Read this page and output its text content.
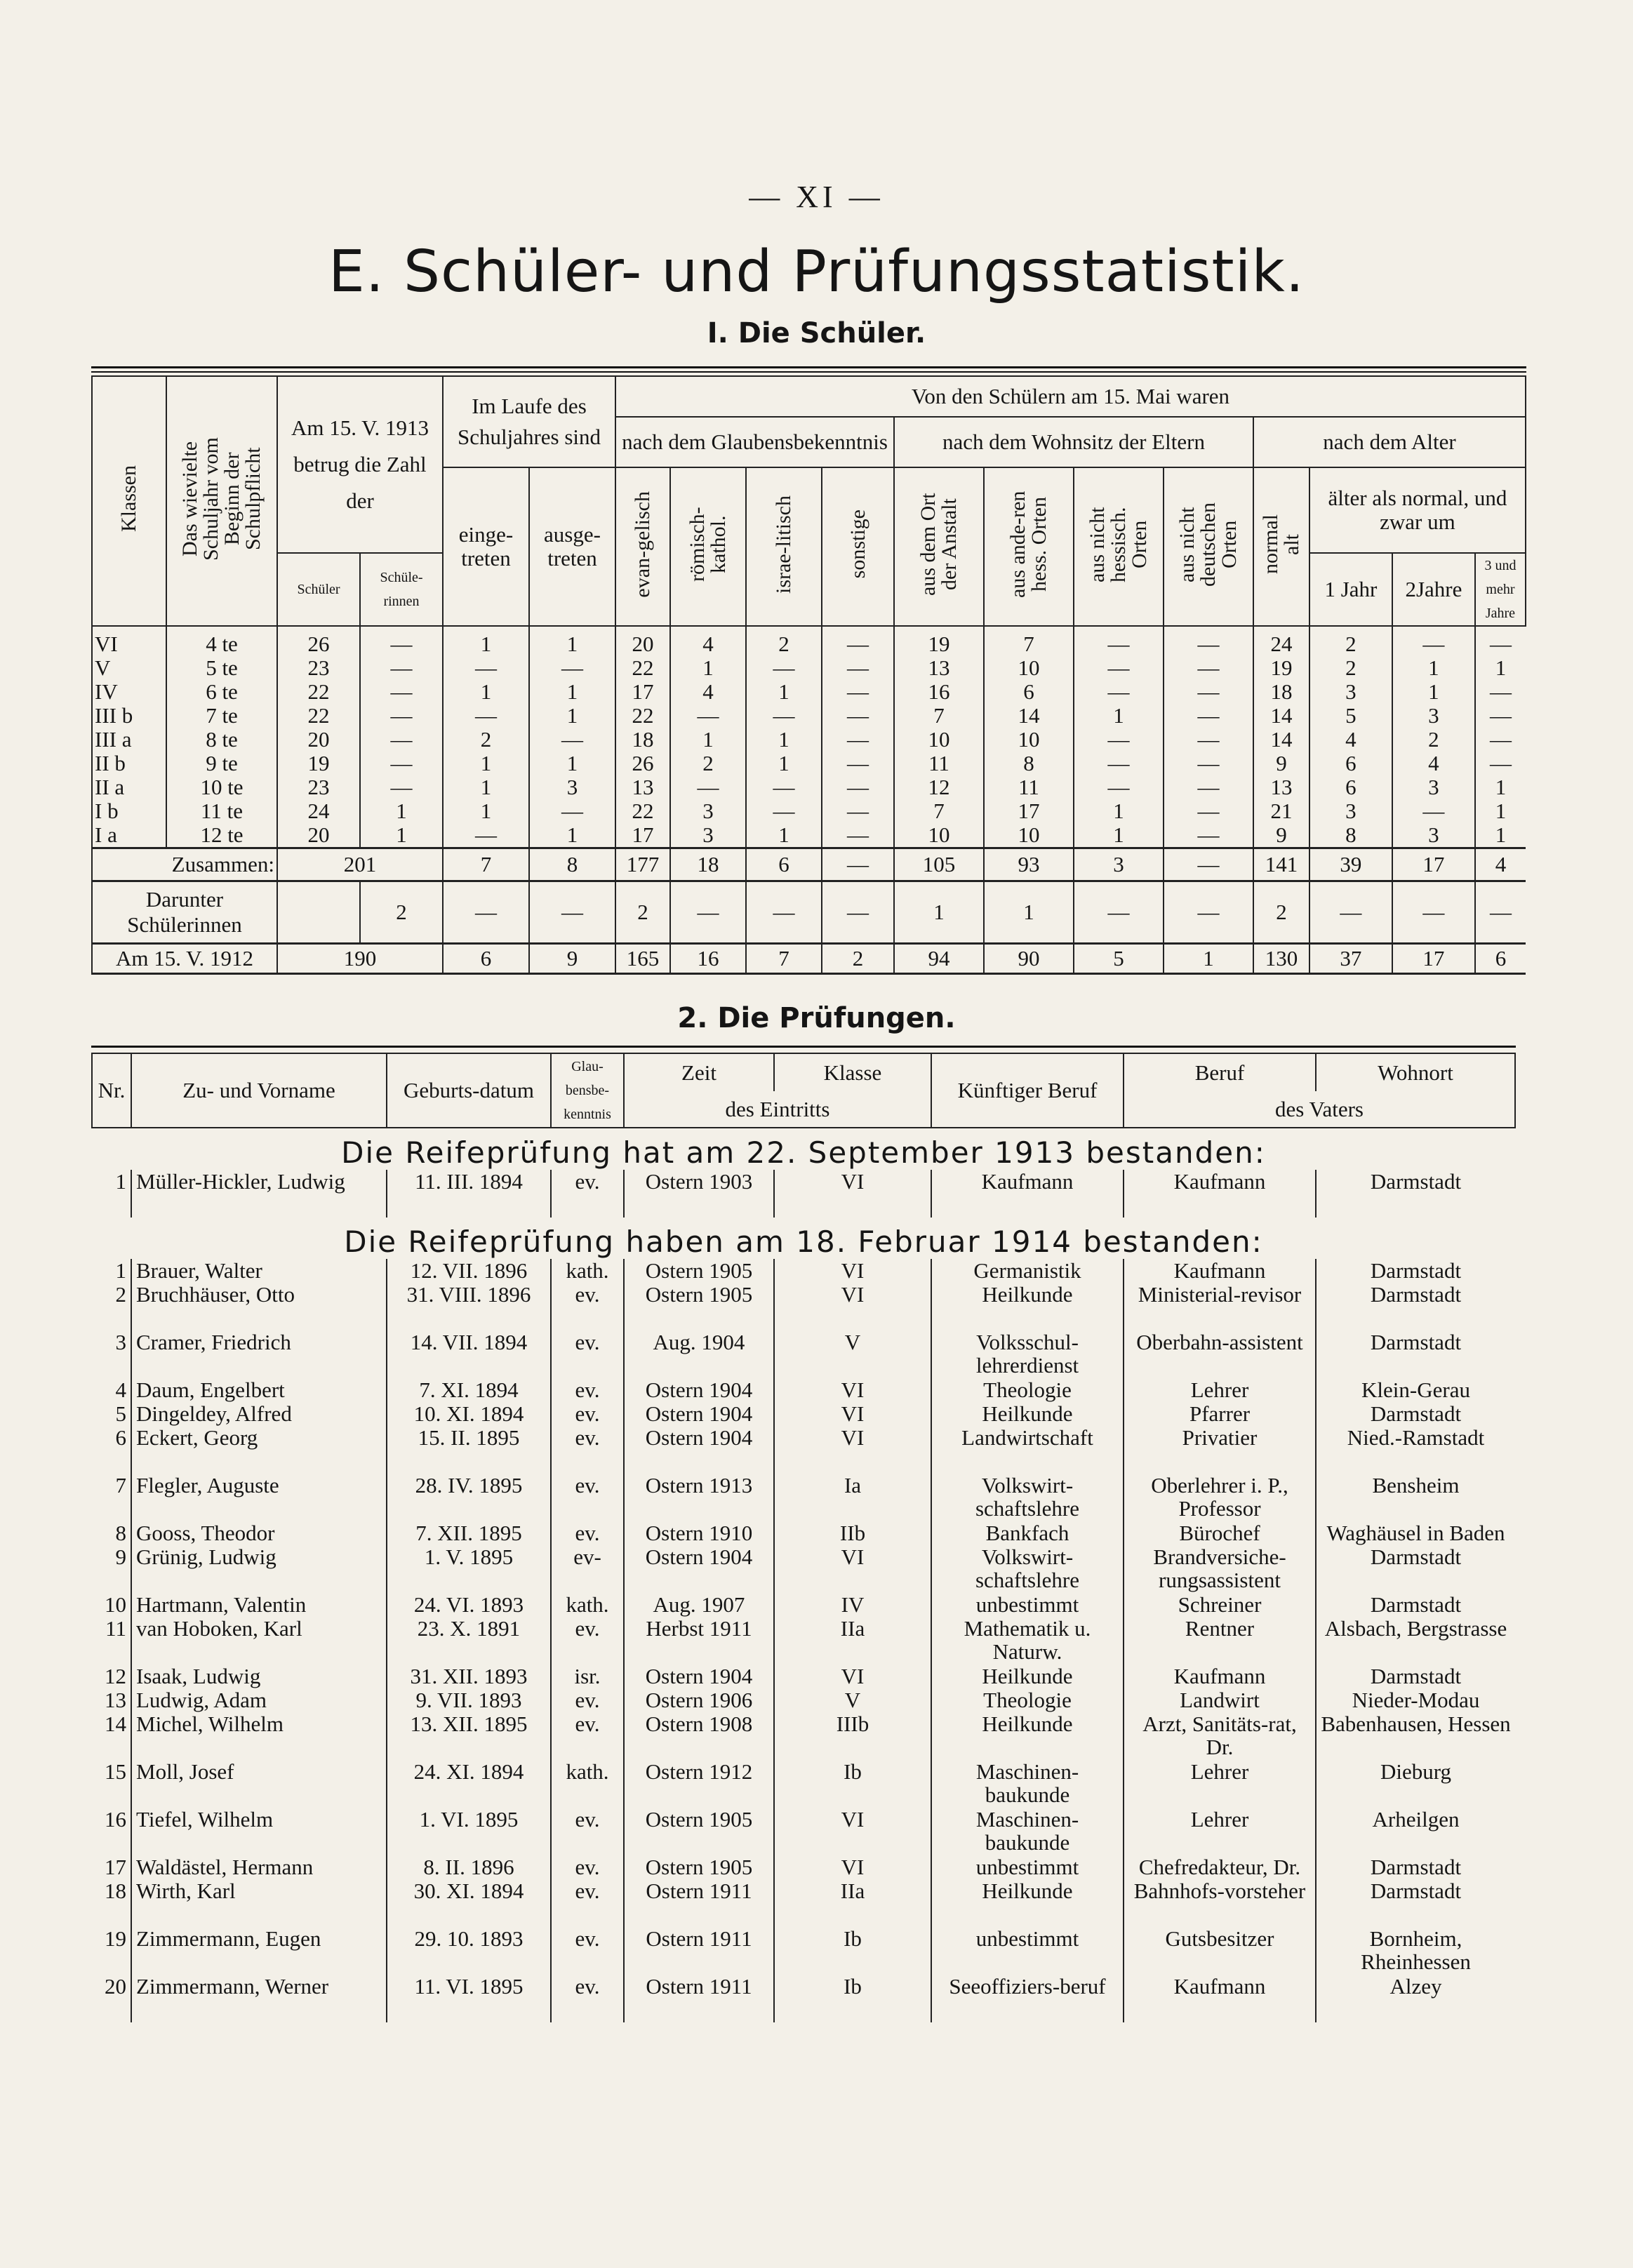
— XI —
E. Schüler- und Prüfungsstatistik.
I. Die Schüler.
Klassen	Das wievielte Schuljahr vom Beginn der Schulpflicht	Am 15. V. 1913 betrug die Zahl der		Im Laufe des Schuljahres sind		Von den Schülern am 15. Mai waren											
						nach dem Glaubensbekenntnis				nach dem Wohnsitz der Eltern				nach dem Alter			
				einge-treten	ausge-treten	evan-gelisch	römisch-kathol.	israe-litisch	sonstige	aus dem Ort der Anstalt	aus ande-ren hess. Orten	aus nicht hessisch. Orten	aus nicht deutschen Orten	normal alt	älter als normal, und zwar um		
		Schüler	Schüle-rinnen												1 Jahr	2Jahre	3 und mehr Jahre
VI	4 te	26	—	1	1	20	4	2	—	19	7	—	—	24	2	—	—
V	5 te	23	—	—	—	22	1	—	—	13	10	—	—	19	2	1	1
IV	6 te	22	—	1	1	17	4	1	—	16	6	—	—	18	3	1	—
III b	7 te	22	—	—	1	22	—	—	—	7	14	1	—	14	5	3	—
III a	8 te	20	—	2	—	18	1	1	—	10	10	—	—	14	4	2	—
II b	9 te	19	—	1	1	26	2	1	—	11	8	—	—	9	6	4	—
II a	10 te	23	—	1	3	13	—	—	—	12	11	—	—	13	6	3	1
I b	11 te	24	1	1	—	22	3	—	—	7	17	1	—	21	3	—	1
I a	12 te	20	1	—	1	17	3	1	—	10	10	1	—	9	8	3	1
Zusammen:		201		7	8	177	18	6	—	105	93	3	—	141	39	17	4
Darunter Schülerinnen			2	—	—	2	—	—	—	1	1	—	—	2	—	—	—
Am 15. V. 1912		190		6	9	165	16	7	2	94	90	5	1	130	37	17	6
2. Die Prüfungen.
Nr.	Zu- und Vorname	Geburts-datum	Glau-bensbe-kenntnis	Zeit	Klasse	Künftiger Beruf	Beruf	Wohnort
				des Eintritts			des Vaters	
Die Reifeprüfung hat am 22. September 1913 bestanden:								
1	Müller-Hickler, Ludwig	11. III. 1894	ev.	Ostern 1903	VI	Kaufmann	Kaufmann	Darmstadt
Die Reifeprüfung haben am 18. Februar 1914 bestanden:								
1	Brauer, Walter	12. VII. 1896	kath.	Ostern 1905	VI	Germanistik	Kaufmann	Darmstadt
2	Bruchhäuser, Otto	31. VIII. 1896	ev.	Ostern 1905	VI	Heilkunde	Ministerial-revisor	Darmstadt
3	Cramer, Friedrich	14. VII. 1894	ev.	Aug. 1904	V	Volksschul-lehrerdienst	Oberbahn-assistent	Darmstadt
4	Daum, Engelbert	7. XI. 1894	ev.	Ostern 1904	VI	Theologie	Lehrer	Klein-Gerau
5	Dingeldey, Alfred	10. XI. 1894	ev.	Ostern 1904	VI	Heilkunde	Pfarrer	Darmstadt
6	Eckert, Georg	15. II. 1895	ev.	Ostern 1904	VI	Landwirtschaft	Privatier	Nied.-Ramstadt
7	Flegler, Auguste	28. IV. 1895	ev.	Ostern 1913	Ia	Volkswirt-schaftslehre	Oberlehrer i. P., Professor	Bensheim
8	Gooss, Theodor	7. XII. 1895	ev.	Ostern 1910	IIb	Bankfach	Bürochef	Waghäusel in Baden
9	Grünig, Ludwig	1. V. 1895	ev-	Ostern 1904	VI	Volkswirt-schaftslehre	Brandversiche-rungsassistent	Darmstadt
10	Hartmann, Valentin	24. VI. 1893	kath.	Aug. 1907	IV	unbestimmt	Schreiner	Darmstadt
11	van Hoboken, Karl	23. X. 1891	ev.	Herbst 1911	IIa	Mathematik u. Naturw.	Rentner	Alsbach, Bergstrasse
12	Isaak, Ludwig	31. XII. 1893	isr.	Ostern 1904	VI	Heilkunde	Kaufmann	Darmstadt
13	Ludwig, Adam	9. VII. 1893	ev.	Ostern 1906	V	Theologie	Landwirt	Nieder-Modau
14	Michel, Wilhelm	13. XII. 1895	ev.	Ostern 1908	IIIb	Heilkunde	Arzt, Sanitäts-rat, Dr.	Babenhausen, Hessen
15	Moll, Josef	24. XI. 1894	kath.	Ostern 1912	Ib	Maschinen-baukunde	Lehrer	Dieburg
16	Tiefel, Wilhelm	1. VI. 1895	ev.	Ostern 1905	VI	Maschinen-baukunde	Lehrer	Arheilgen
17	Waldästel, Hermann	8. II. 1896	ev.	Ostern 1905	VI	unbestimmt	Chefredakteur, Dr.	Darmstadt
18	Wirth, Karl	30. XI. 1894	ev.	Ostern 1911	IIa	Heilkunde	Bahnhofs-vorsteher	Darmstadt
19	Zimmermann, Eugen	29. 10. 1893	ev.	Ostern 1911	Ib	unbestimmt	Gutsbesitzer	Bornheim, Rheinhessen
20	Zimmermann, Werner	11. VI. 1895	ev.	Ostern 1911	Ib	Seeoffiziers-beruf	Kaufmann	Alzey
